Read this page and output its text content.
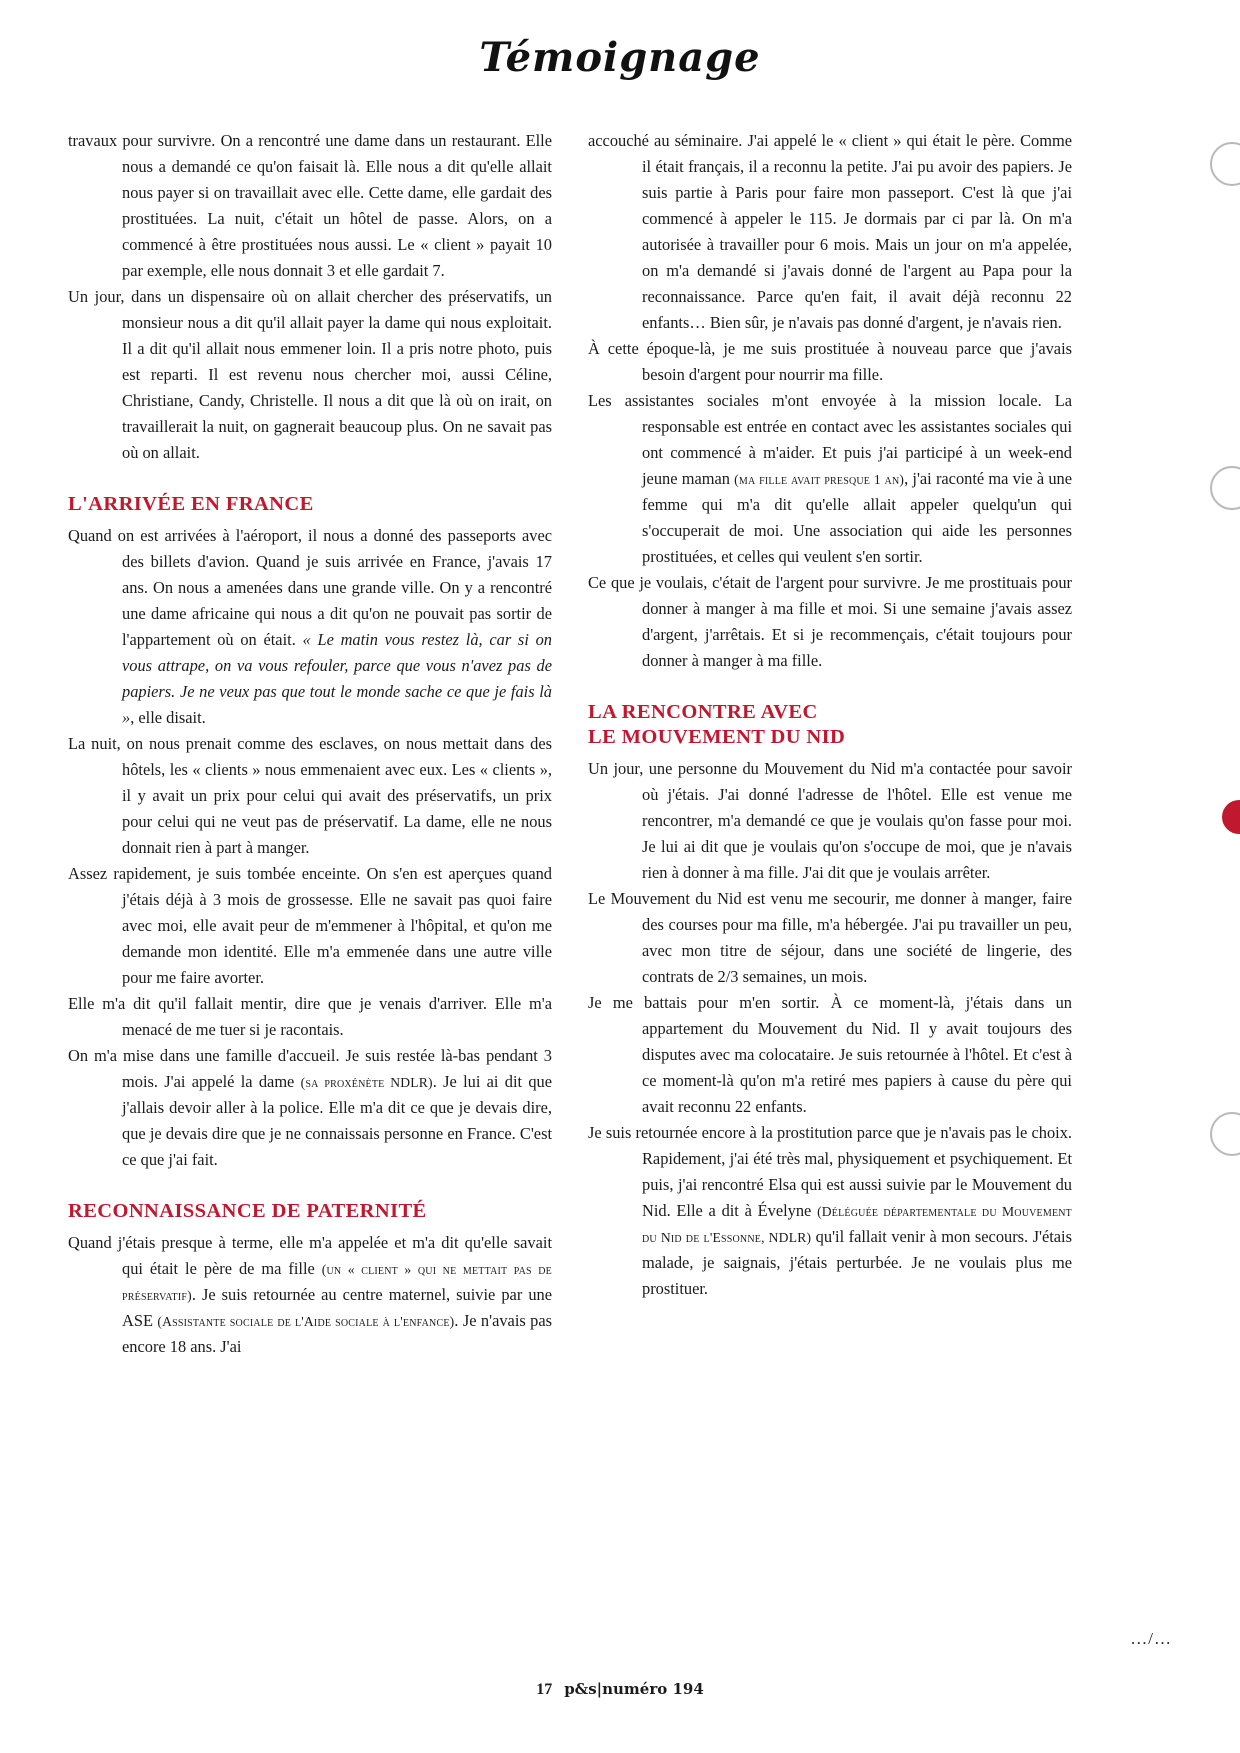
Témoignage

travaux pour survivre. On a rencontré une dame dans un restaurant. Elle nous a demandé ce qu'on faisait là. Elle nous a dit qu'elle allait nous payer si on travaillait avec elle. Cette dame, elle gardait des prostituées. La nuit, c'était un hôtel de passe. Alors, on a commencé à être prostituées nous aussi. Le « client » payait 10 par exemple, elle nous donnait 3 et elle gardait 7.

Un jour, dans un dispensaire où on allait chercher des préservatifs, un monsieur nous a dit qu'il allait payer la dame qui nous exploitait. Il a dit qu'il allait nous emmener loin. Il a pris notre photo, puis est reparti. Il est revenu nous chercher moi, aussi Céline, Christiane, Candy, Christelle. Il nous a dit que là où on irait, on travaillerait la nuit, on gagnerait beaucoup plus. On ne savait pas où on allait.

L'ARRIVÉE EN FRANCE

Quand on est arrivées à l'aéroport, il nous a donné des passeports avec des billets d'avion. Quand je suis arrivée en France, j'avais 17 ans. On nous a amenées dans une grande ville. On y a rencontré une dame africaine qui nous a dit qu'on ne pouvait pas sortir de l'appartement où on était. « Le matin vous restez là, car si on vous attrape, on va vous refouler, parce que vous n'avez pas de papiers. Je ne veux pas que tout le monde sache ce que je fais là », elle disait.

La nuit, on nous prenait comme des esclaves, on nous mettait dans des hôtels, les « clients » nous emmenaient avec eux. Les « clients », il y avait un prix pour celui qui avait des préservatifs, un prix pour celui qui ne veut pas de préservatif. La dame, elle ne nous donnait rien à part à manger.

Assez rapidement, je suis tombée enceinte. On s'en est aperçues quand j'étais déjà à 3 mois de grossesse. Elle ne savait pas quoi faire avec moi, elle avait peur de m'emmener à l'hôpital, et qu'on me demande mon identité. Elle m'a emmenée dans une autre ville pour me faire avorter.

Elle m'a dit qu'il fallait mentir, dire que je venais d'arriver. Elle m'a menacé de me tuer si je racontais.

On m'a mise dans une famille d'accueil. Je suis restée là-bas pendant 3 mois. J'ai appelé la dame (sa proxénète NDLR). Je lui ai dit que j'allais devoir aller à la police. Elle m'a dit ce que je devais dire, que je devais dire que je ne connaissais personne en France. C'est ce que j'ai fait.

RECONNAISSANCE DE PATERNITÉ

Quand j'étais presque à terme, elle m'a appelée et m'a dit qu'elle savait qui était le père de ma fille (un « client » qui ne mettait pas de préservatif). Je suis retournée au centre maternel, suivie par une ASE (Assistante sociale de l'Aide sociale à l'enfance). Je n'avais pas encore 18 ans. J'ai

accouché au séminaire. J'ai appelé le « client » qui était le père. Comme il était français, il a reconnu la petite. J'ai pu avoir des papiers. Je suis partie à Paris pour faire mon passeport. C'est là que j'ai commencé à appeler le 115. Je dormais par ci par là. On m'a autorisée à travailler pour 6 mois. Mais un jour on m'a appelée, on m'a demandé si j'avais donné de l'argent au Papa pour la reconnaissance. Parce qu'en fait, il avait déjà reconnu 22 enfants… Bien sûr, je n'avais pas donné d'argent, je n'avais rien.

À cette époque-là, je me suis prostituée à nouveau parce que j'avais besoin d'argent pour nourrir ma fille.

Les assistantes sociales m'ont envoyée à la mission locale. La responsable est entrée en contact avec les assistantes sociales qui ont commencé à m'aider. Et puis j'ai participé à un week-end jeune maman (ma fille avait presque 1 an), j'ai raconté ma vie à une femme qui m'a dit qu'elle allait appeler quelqu'un qui s'occuperait de moi. Une association qui aide les personnes prostituées, et celles qui veulent s'en sortir.

Ce que je voulais, c'était de l'argent pour survivre. Je me prostituais pour donner à manger à ma fille et moi. Si une semaine j'avais assez d'argent, j'arrêtais. Et si je recommençais, c'était toujours pour donner à manger à ma fille.

LA RENCONTRE AVEC
LE MOUVEMENT DU NID

Un jour, une personne du Mouvement du Nid m'a contactée pour savoir où j'étais. J'ai donné l'adresse de l'hôtel. Elle est venue me rencontrer, m'a demandé ce que je voulais qu'on fasse pour moi. Je lui ai dit que je voulais qu'on s'occupe de moi, que je n'avais rien à donner à ma fille. J'ai dit que je voulais arrêter.

Le Mouvement du Nid est venu me secourir, me donner à manger, faire des courses pour ma fille, m'a hébergée. J'ai pu travailler un peu, avec mon titre de séjour, dans une société de lingerie, des contrats de 2/3 semaines, un mois.

Je me battais pour m'en sortir. À ce moment-là, j'étais dans un appartement du Mouvement du Nid. Il y avait toujours des disputes avec ma colocataire. Je suis retournée à l'hôtel. Et c'est à ce moment-là qu'on m'a retiré mes papiers à cause du père qui avait reconnu 22 enfants.

Je suis retournée encore à la prostitution parce que je n'avais pas le choix. Rapidement, j'ai été très mal, physiquement et psychiquement. Et puis, j'ai rencontré Elsa qui est aussi suivie par le Mouvement du Nid. Elle a dit à Évelyne (Déléguée départementale du Mouvement du Nid de l'Essonne, NDLR) qu'il fallait venir à mon secours. J'étais malade, je saignais, j'étais perturbée. Je ne voulais plus me prostituer.

…/…
17 p&s|numéro 194
